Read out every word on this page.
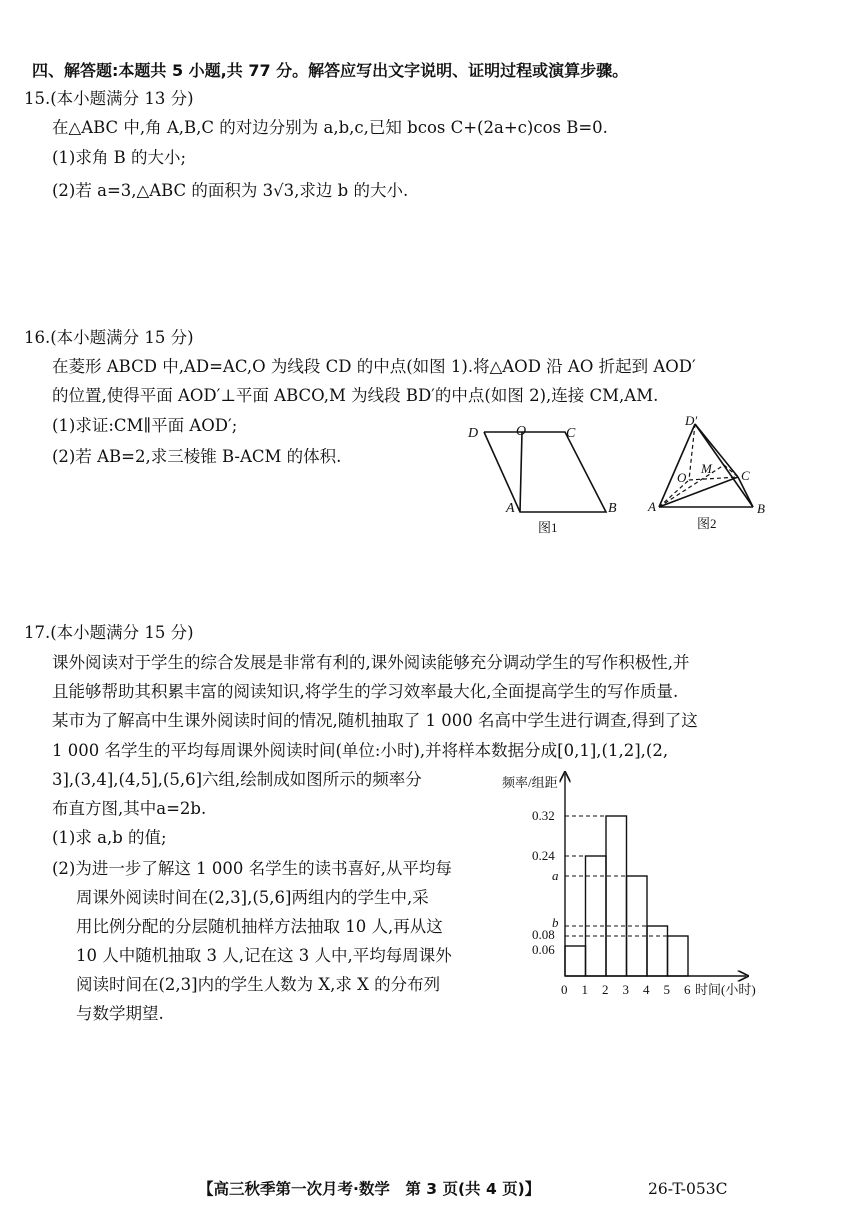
四、解答题:本题共 5 小题,共 77 分。解答应写出文字说明、证明过程或演算步骤。
15.(本小题满分 13 分)
在△ABC 中,角 A,B,C 的对边分别为 a,b,c,已知 bcos C+(2a+c)cos B=0.
(1)求角 B 的大小;
(2)若 a=3,△ABC 的面积为 3√3,求边 b 的大小.
16.(本小题满分 15 分)
在菱形 ABCD 中,AD=AC,O 为线段 CD 的中点(如图 1).将△AOD 沿 AO 折起到 AOD′
的位置,使得平面 AOD′⊥平面 ABCO,M 为线段 BD′的中点(如图 2),连接 CM,AM.
(1)求证:CM∥平面 AOD′;
(2)若 AB=2,求三棱锥 B-ACM 的体积.
D	O	C
A	B
图1
D′
O
M C
A	B
图2
17.(本小题满分 15 分)
课外阅读对于学生的综合发展是非常有利的,课外阅读能够充分调动学生的写作积极性,并
且能够帮助其积累丰富的阅读知识,将学生的学习效率最大化,全面提高学生的写作质量.
某市为了解高中生课外阅读时间的情况,随机抽取了 1 000 名高中学生进行调查,得到了这
1 000 名学生的平均每周课外阅读时间(单位:小时),并将样本数据分成[0,1],(1,2],(2,
3],(3,4],(4,5],(5,6]六组,绘制成如图所示的频率分
布直方图,其中a=2b.
(1)求 a,b 的值;
(2)为进一步了解这 1 000 名学生的读书喜好,从平均每
周课外阅读时间在(2,3],(5,6]两组内的学生中,采
用比例分配的分层随机抽样方法抽取 10 人,再从这
10 人中随机抽取 3 人,记在这 3 人中,平均每周课外
阅读时间在(2,3]内的学生人数为 X,求 X 的分布列
与数学期望.
0.32
0.24
a
b
0.08
0.06
0 1 2 3 4 5 6
频率/组距
时间(小时)
【高三秋季第一次月考·数学　第 3 页(共 4 页)】	26-T-053C
